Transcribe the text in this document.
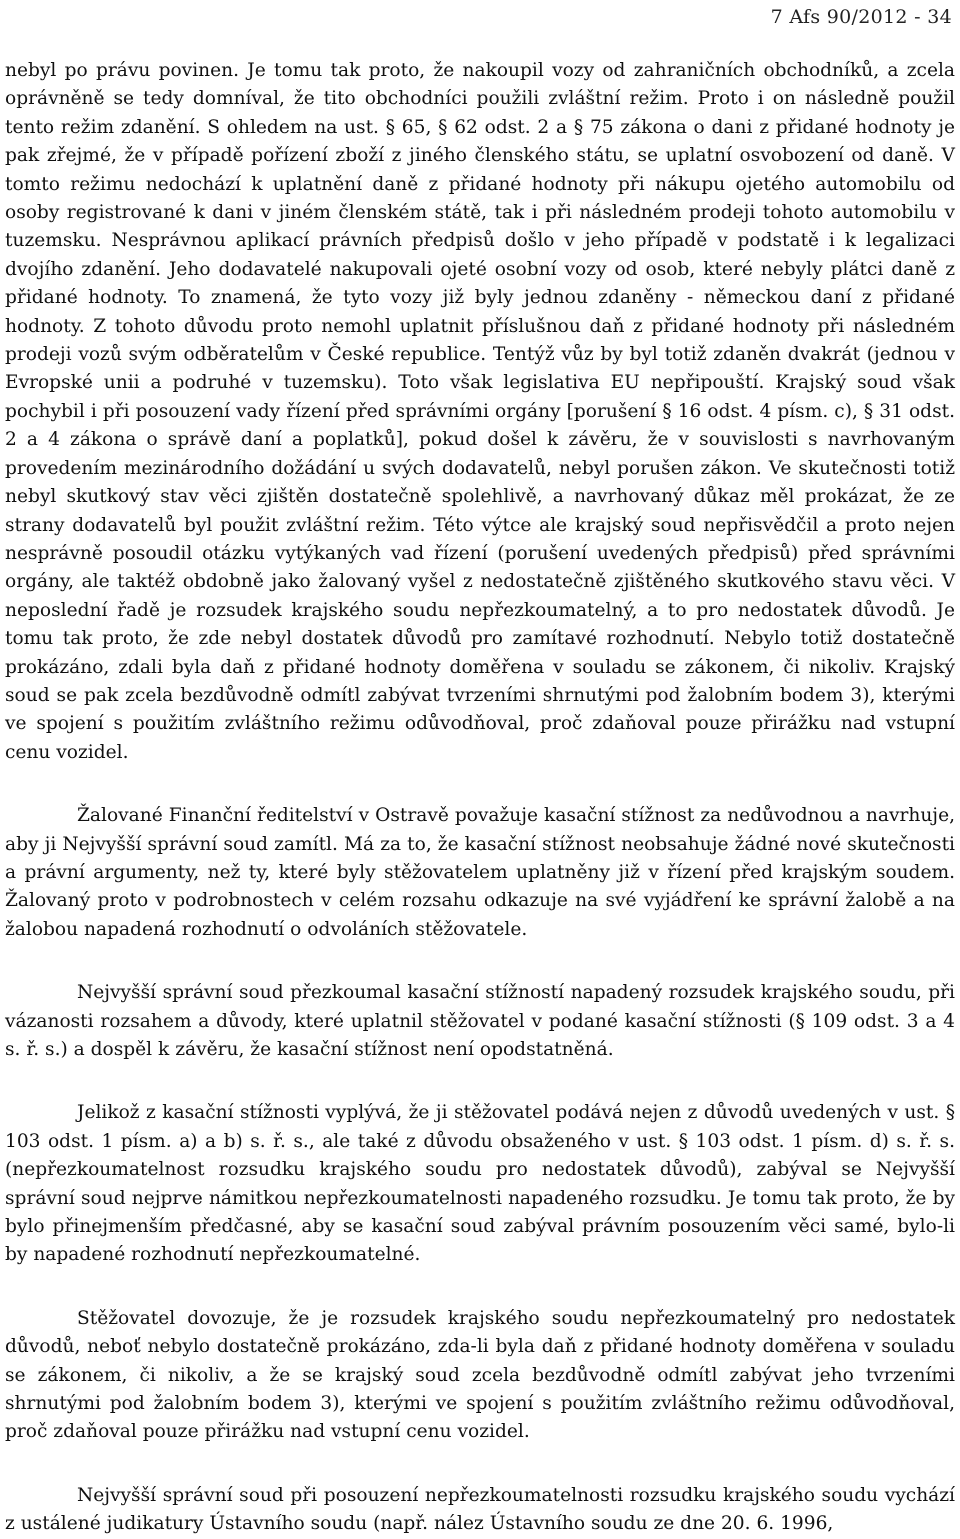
7 Afs 90/2012 - 34

nebyl po právu povinen. Je tomu tak proto, že nakoupil vozy od zahraničních obchodníků, a zcela oprávněně se tedy domníval, že tito obchodníci použili zvláštní režim. Proto i on následně použil tento režim zdanění. S ohledem na ust. § 65, § 62 odst. 2 a § 75 zákona o dani z přidané hodnoty je pak zřejmé, že v případě pořízení zboží z jiného členského státu, se uplatní osvobození od daně. V tomto režimu nedochází k uplatnění daně z přidané hodnoty při nákupu ojetého automobilu od osoby registrované k dani v jiném členském státě, tak i při následném prodeji tohoto automobilu v tuzemsku. Nesprávnou aplikací právních předpisů došlo v jeho případě v podstatě i k legalizaci dvojího zdanění. Jeho dodavatelé nakupovali ojeté osobní vozy od osob, které nebyly plátci daně z přidané hodnoty. To znamená, že tyto vozy již byly jednou zdaněny - německou daní z přidané hodnoty. Z tohoto důvodu proto nemohl uplatnit příslušnou daň z přidané hodnoty při následném prodeji vozů svým odběratelům v České republice. Tentýž vůz by byl totiž zdaněn dvakrát (jednou v Evropské unii a podruhé v tuzemsku). Toto však legislativa EU nepřipouští. Krajský soud však pochybil i při posouzení vady řízení před správními orgány [porušení § 16 odst. 4 písm. c), § 31 odst. 2 a 4 zákona o správě daní a poplatků], pokud došel k závěru, že v souvislosti s navrhovaným provedením mezinárodního dožádání u svých dodavatelů, nebyl porušen zákon. Ve skutečnosti totiž nebyl skutkový stav věci zjištěn dostatečně spolehlivě, a navrhovaný důkaz měl prokázat, že ze strany dodavatelů byl použit zvláštní režim. Této výtce ale krajský soud nepřisvědčil a proto nejen nesprávně posoudil otázku vytýkaných vad řízení (porušení uvedených předpisů) před správními orgány, ale taktéž obdobně jako žalovaný vyšel z nedostatečně zjištěného skutkového stavu věci. V neposlední řadě je rozsudek krajského soudu nepřezkoumatelný, a to pro nedostatek důvodů. Je tomu tak proto, že zde nebyl dostatek důvodů pro zamítavé rozhodnutí. Nebylo totiž dostatečně prokázáno, zdali byla daň z přidané hodnoty doměřena v souladu se zákonem, či nikoliv. Krajský soud se pak zcela bezdůvodně odmítl zabývat tvrzeními shrnutými pod žalobním bodem 3), kterými ve spojení s použitím zvláštního režimu odůvodňoval, proč zdaňoval pouze přirážku nad vstupní cenu vozidel.

Žalované Finanční ředitelství v Ostravě považuje kasační stížnost za nedůvodnou a navrhuje, aby ji Nejvyšší správní soud zamítl. Má za to, že kasační stížnost neobsahuje žádné nové skutečnosti a právní argumenty, než ty, které byly stěžovatelem uplatněny již v řízení před krajským soudem. Žalovaný proto v podrobnostech v celém rozsahu odkazuje na své vyjádření ke správní žalobě a na žalobou napadená rozhodnutí o odvoláních stěžovatele.

Nejvyšší správní soud přezkoumal kasační stížností napadený rozsudek krajského soudu, při vázanosti rozsahem a důvody, které uplatnil stěžovatel v podané kasační stížnosti (§ 109 odst. 3 a 4 s. ř. s.) a dospěl k závěru, že kasační stížnost není opodstatněná.

Jelikož z kasační stížnosti vyplývá, že ji stěžovatel podává nejen z důvodů uvedených v ust. § 103 odst. 1 písm. a) a b) s. ř. s., ale také z důvodu obsaženého v ust. § 103 odst. 1 písm. d) s. ř. s. (nepřezkoumatelnost rozsudku krajského soudu pro nedostatek důvodů), zabýval se Nejvyšší správní soud nejprve námitkou nepřezkoumatelnosti napadeného rozsudku. Je tomu tak proto, že by bylo přinejmenším předčasné, aby se kasační soud zabýval právním posouzením věci samé, bylo-li by napadené rozhodnutí nepřezkoumatelné.

Stěžovatel dovozuje, že je rozsudek krajského soudu nepřezkoumatelný pro nedostatek důvodů, neboť nebylo dostatečně prokázáno, zda-li byla daň z přidané hodnoty doměřena v souladu se zákonem, či nikoliv, a že se krajský soud zcela bezdůvodně odmítl zabývat jeho tvrzeními shrnutými pod žalobním bodem 3), kterými ve spojení s použitím zvláštního režimu odůvodňoval, proč zdaňoval pouze přirážku nad vstupní cenu vozidel.

Nejvyšší správní soud při posouzení nepřezkoumatelnosti rozsudku krajského soudu vychází z ustálené judikatury Ústavního soudu (např. nález Ústavního soudu ze dne 20. 6. 1996,
